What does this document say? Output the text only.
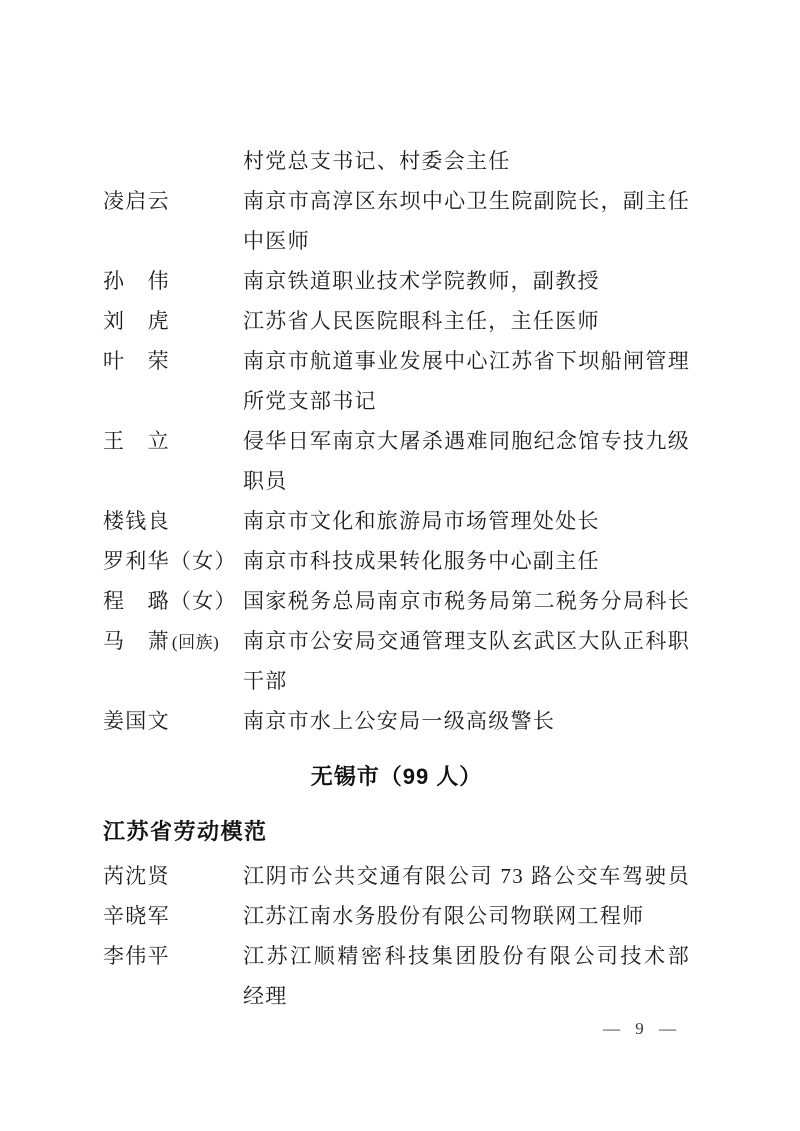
村党总支书记、村委会主任
凌启云	南京市高淳区东坝中心卫生院副院长，副主任
中医师
孙　伟	南京铁道职业技术学院教师，副教授
刘　虎	江苏省人民医院眼科主任，主任医师
叶　荣	南京市航道事业发展中心江苏省下坝船闸管理
所党支部书记
王　立	侵华日军南京大屠杀遇难同胞纪念馆专技九级
职员
楼钱良	南京市文化和旅游局市场管理处处长
罗利华（女） 南京市科技成果转化服务中心副主任
程　璐（女） 国家税务总局南京市税务局第二税务分局科长
马　萧 (回族)	南京市公安局交通管理支队玄武区大队正科职
干部
姜国文	南京市水上公安局一级高级警长
无锡市（99 人）
江苏省劳动模范
芮沈贤	江阴市公共交通有限公司 73 路公交车驾驶员
辛晓军	江苏江南水务股份有限公司物联网工程师
李伟平	江苏江顺精密科技集团股份有限公司技术部
经理
— 9 —
